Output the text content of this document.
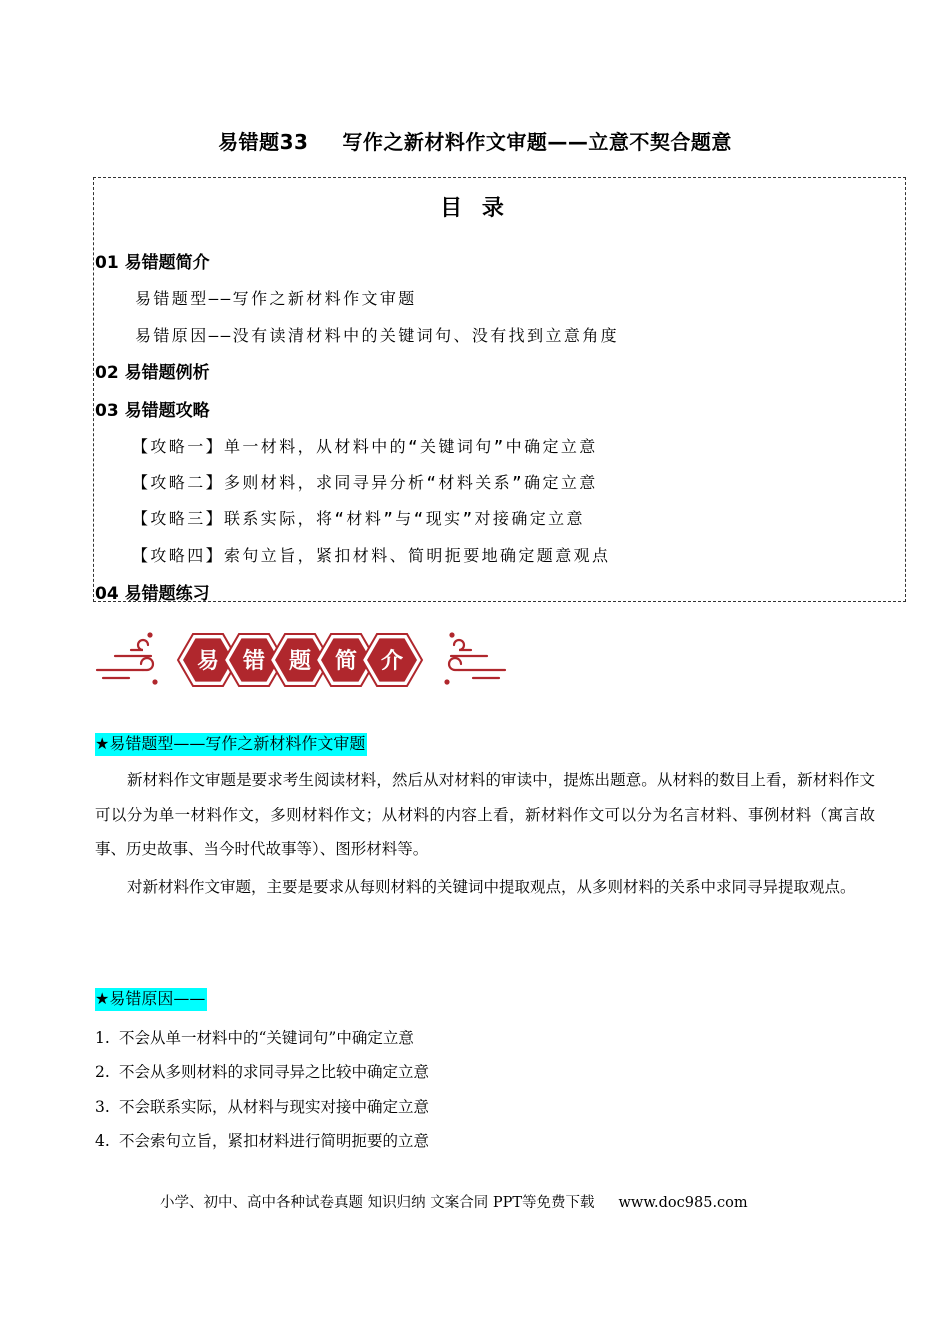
易错题33 写作之新材料作文审题——立意不契合题意
目 录
01 易错题简介
易错题型——写作之新材料作文审题
易错原因——没有读清材料中的关键词句、没有找到立意角度
02 易错题例析
03 易错题攻略
【攻略一】单一材料，从材料中的“关键词句”中确定立意
【攻略二】多则材料，求同寻异分析“材料关系”确定立意
【攻略三】联系实际，将“材料”与“现实”对接确定立意
【攻略四】索句立旨，紧扣材料、简明扼要地确定题意观点
04 易错题练习
易 错 题 简 介
★易错题型——写作之新材料作文审题
新材料作文审题是要求考生阅读材料，然后从对材料的审读中，提炼出题意。从材料的数目上看，新材料作文可以分为单一材料作文，多则材料作文；从材料的内容上看，新材料作文可以分为名言材料、事例材料（寓言故事、历史故事、当今时代故事等）、图形材料等。
对新材料作文审题，主要是要求从每则材料的关键词中提取观点，从多则材料的关系中求同寻异提取观点。
★易错原因——
1. 不会从单一材料中的“关键词句”中确定立意
2. 不会从多则材料的求同寻异之比较中确定立意
3. 不会联系实际，从材料与现实对接中确定立意
4. 不会索句立旨，紧扣材料进行简明扼要的立意
小学、初中、高中各种试卷真题 知识归纳 文案合同 PPT等免费下载 www.doc985.com
